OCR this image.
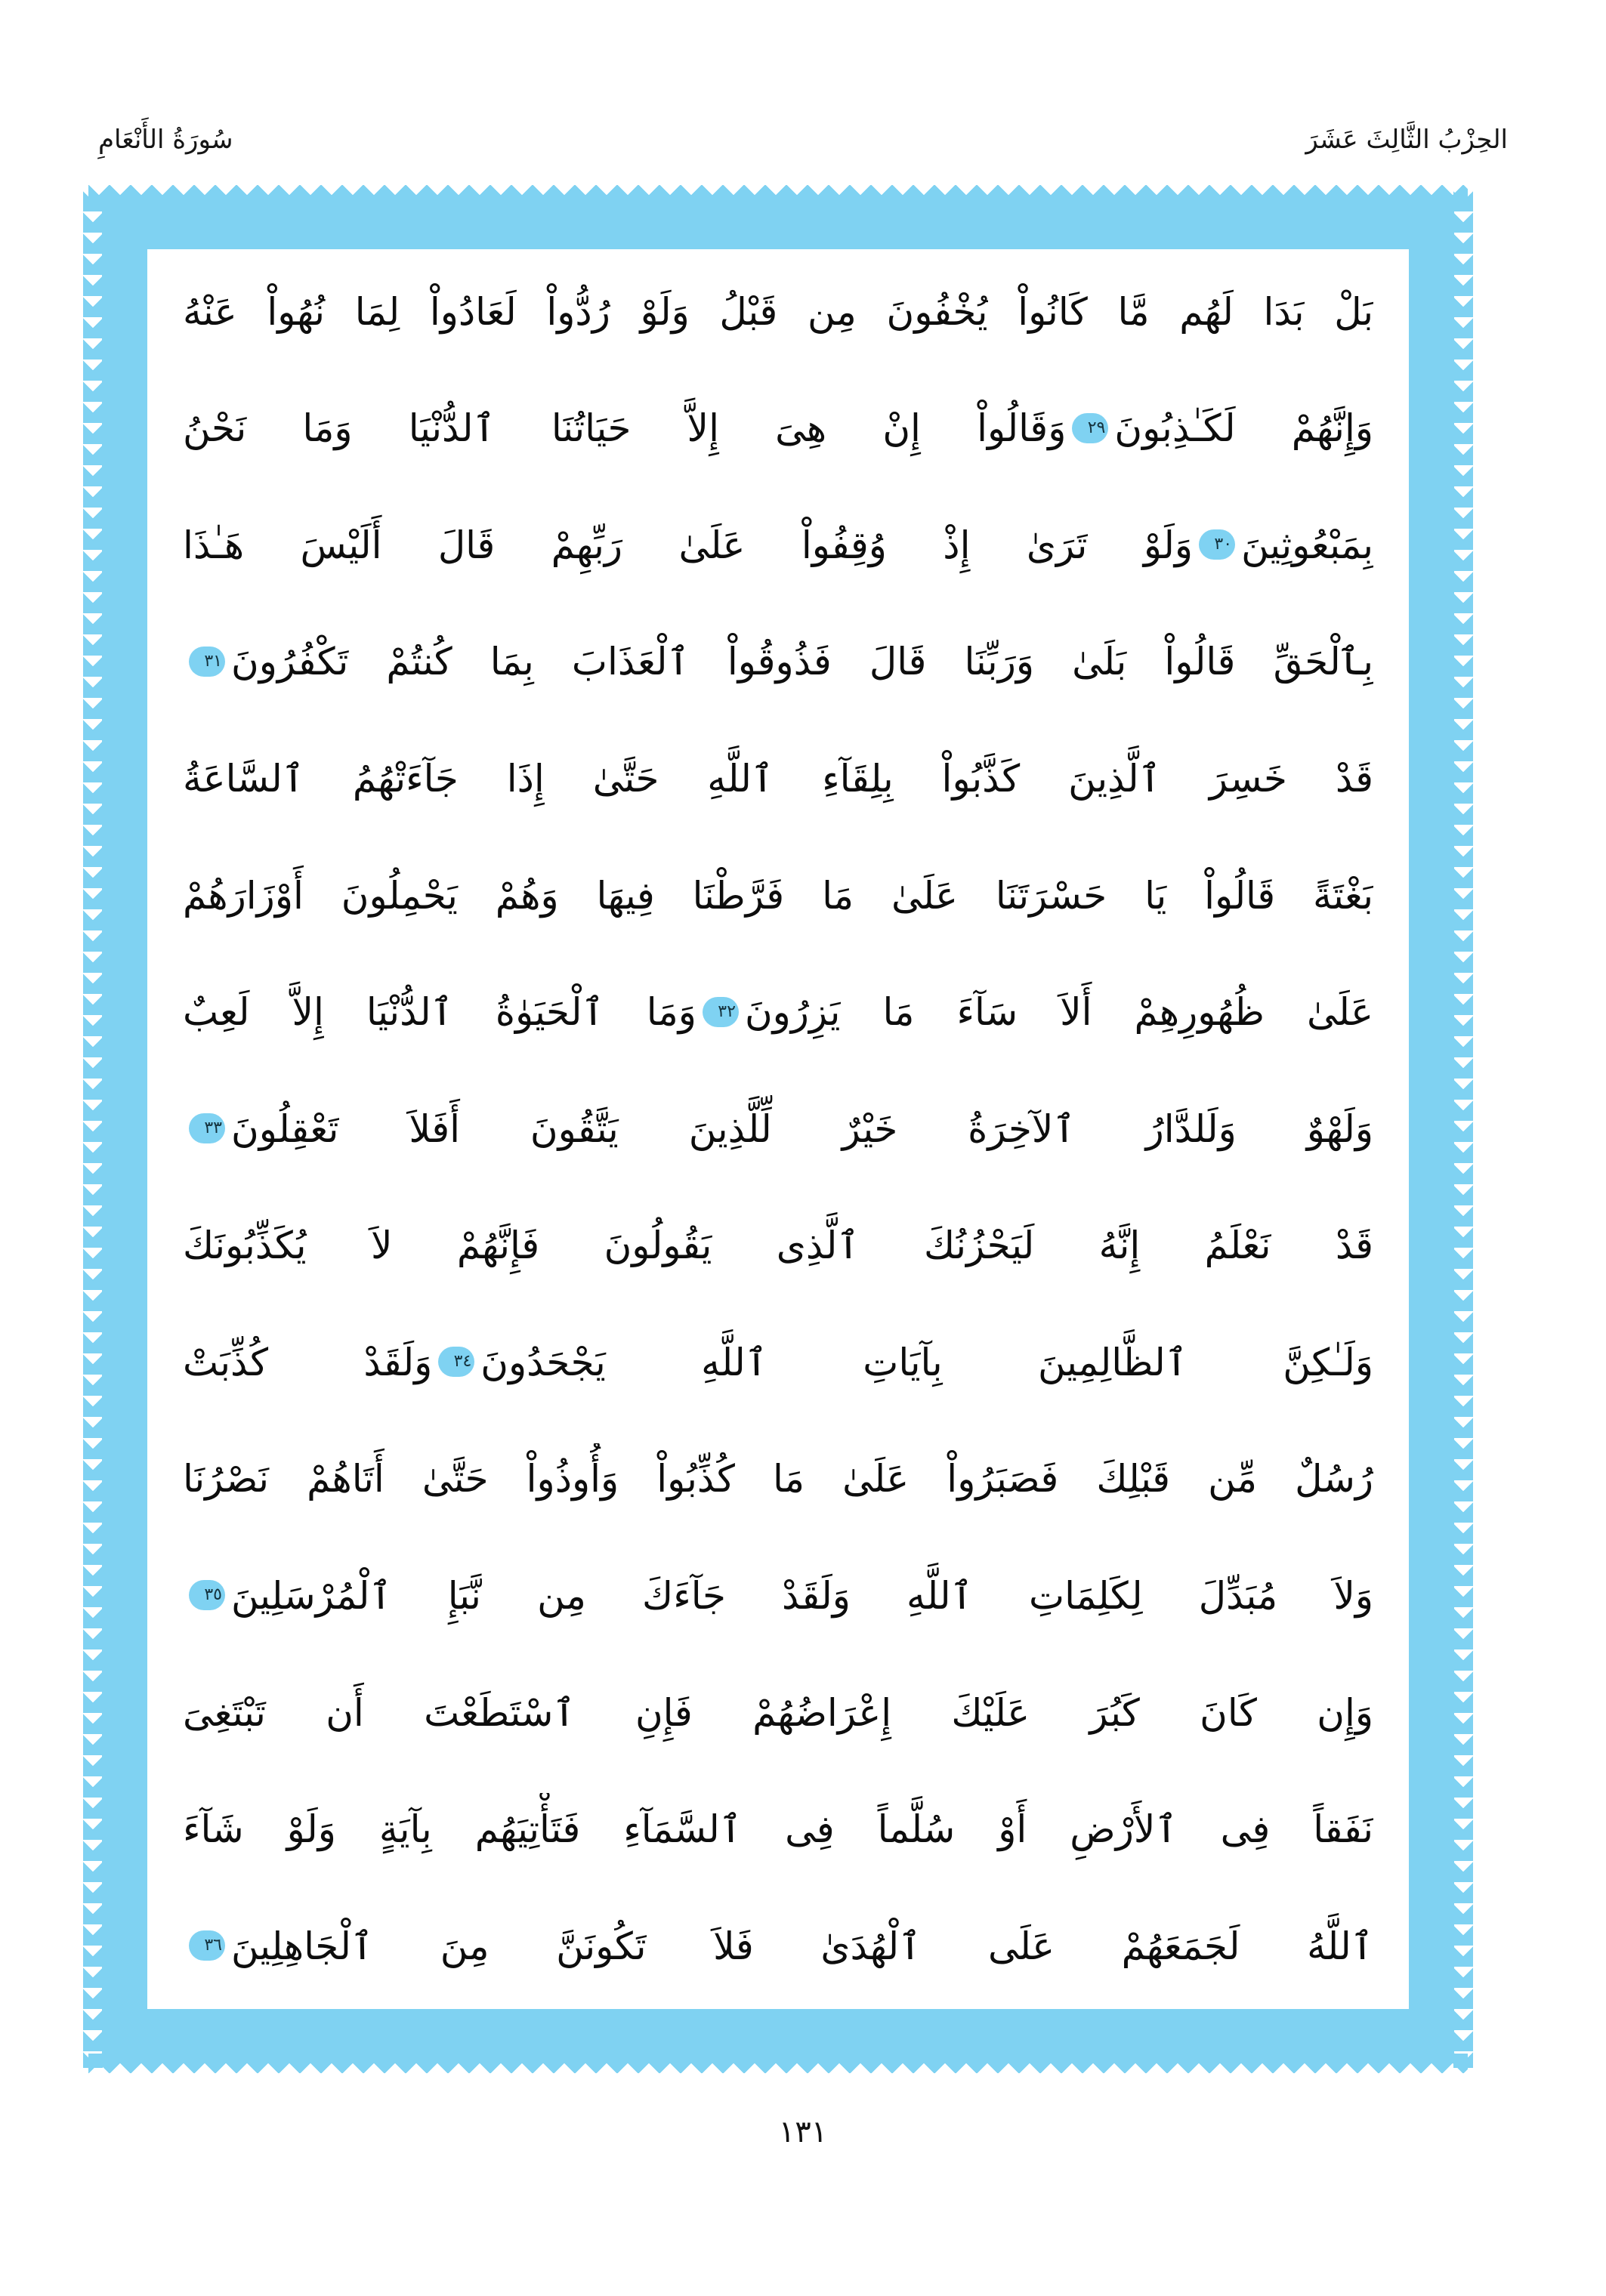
سُورَةُ الأَنْعَامِ	الحِزْبُ الثَّالِثَ عَشَرَ
بَلْ بَدَا لَهُم مَّا كَانُواْ يُخْفُونَ مِن قَبْلُ وَلَوْ رُدُّواْ لَعَادُواْ لِمَا نُهُواْ عَنْهُ
وَإِنَّهُمْ لَكَـٰذِبُونَ٢٩وَقَالُواْ إِنْ هِىَ إِلاَّ حَيَاتُنَا ٱلدُّنْيَا وَمَا نَحْنُ
بِمَبْعُوثِينَ٣٠وَلَوْ تَرَىٰ إِذْ وُقِفُواْ عَلَىٰ رَبِّهِمْ قَالَ أَلَيْسَ هَـٰذَا
بِٱلْحَقِّ قَالُواْ بَلَىٰ وَرَبِّنَا قَالَ فَذُوقُواْ ٱلْعَذَابَ بِمَا كُنتُمْ تَكْفُرُونَ٣١
قَدْ خَسِرَ ٱلَّذِينَ كَذَّبُواْ بِلِقَآءِ ٱللَّهِ حَتَّىٰ إِذَا جَآءَتْهُمُ ٱلسَّاعَةُ
بَغْتَةً قَالُواْ يَا حَسْرَتَنَا عَلَىٰ مَا فَرَّطْنَا فِيهَا وَهُمْ يَحْمِلُونَ أَوْزَارَهُمْ
عَلَىٰ ظُهُورِهِمْ أَلاَ سَآءَ مَا يَزِرُونَ٣٢وَمَا ٱلْحَيَوٰةُ ٱلدُّنْيَا إِلاَّ لَعِبٌ
وَلَهْوٌ وَلَلدَّارُ ٱلآخِرَةُ خَيْرٌ لِّلَّذِينَ يَتَّقُونَ أَفَلاَ تَعْقِلُونَ٣٣
قَدْ نَعْلَمُ إِنَّهُ لَيَحْزُنُكَ ٱلَّذِى يَقُولُونَ فَإِنَّهُمْ لاَ يُكَذِّبُونَكَ
وَلَـٰكِنَّ ٱلظَّالِمِينَ بِآيَاتِ ٱللَّهِ يَجْحَدُونَ٣٤وَلَقَدْ كُذِّبَتْ
رُسُلٌ مِّن قَبْلِكَ فَصَبَرُواْ عَلَىٰ مَا كُذِّبُواْ وَأُوذُواْ حَتَّىٰ أَتَاهُمْ نَصْرُنَا
وَلاَ مُبَدِّلَ لِكَلِمَاتِ ٱللَّهِ وَلَقَدْ جَآءَكَ مِن نَّبَإِ ٱلْمُرْسَلِينَ٣٥
وَإِن كَانَ كَبُرَ عَلَيْكَ إِعْرَاضُهُمْ فَإِنِ ٱسْتَطَعْتَ أَن تَبْتَغِىَ
نَفَقاً فِى ٱلأَرْضِ أَوْ سُلَّماً فِى ٱلسَّمَآءِ فَتَأْتِيَهُم بِآيَةٍ وَلَوْ شَآءَ
ٱللَّهُ لَجَمَعَهُمْ عَلَى ٱلْهُدَىٰ فَلاَ تَكُونَنَّ مِنَ ٱلْجَاهِلِينَ٣٦
١٣١
